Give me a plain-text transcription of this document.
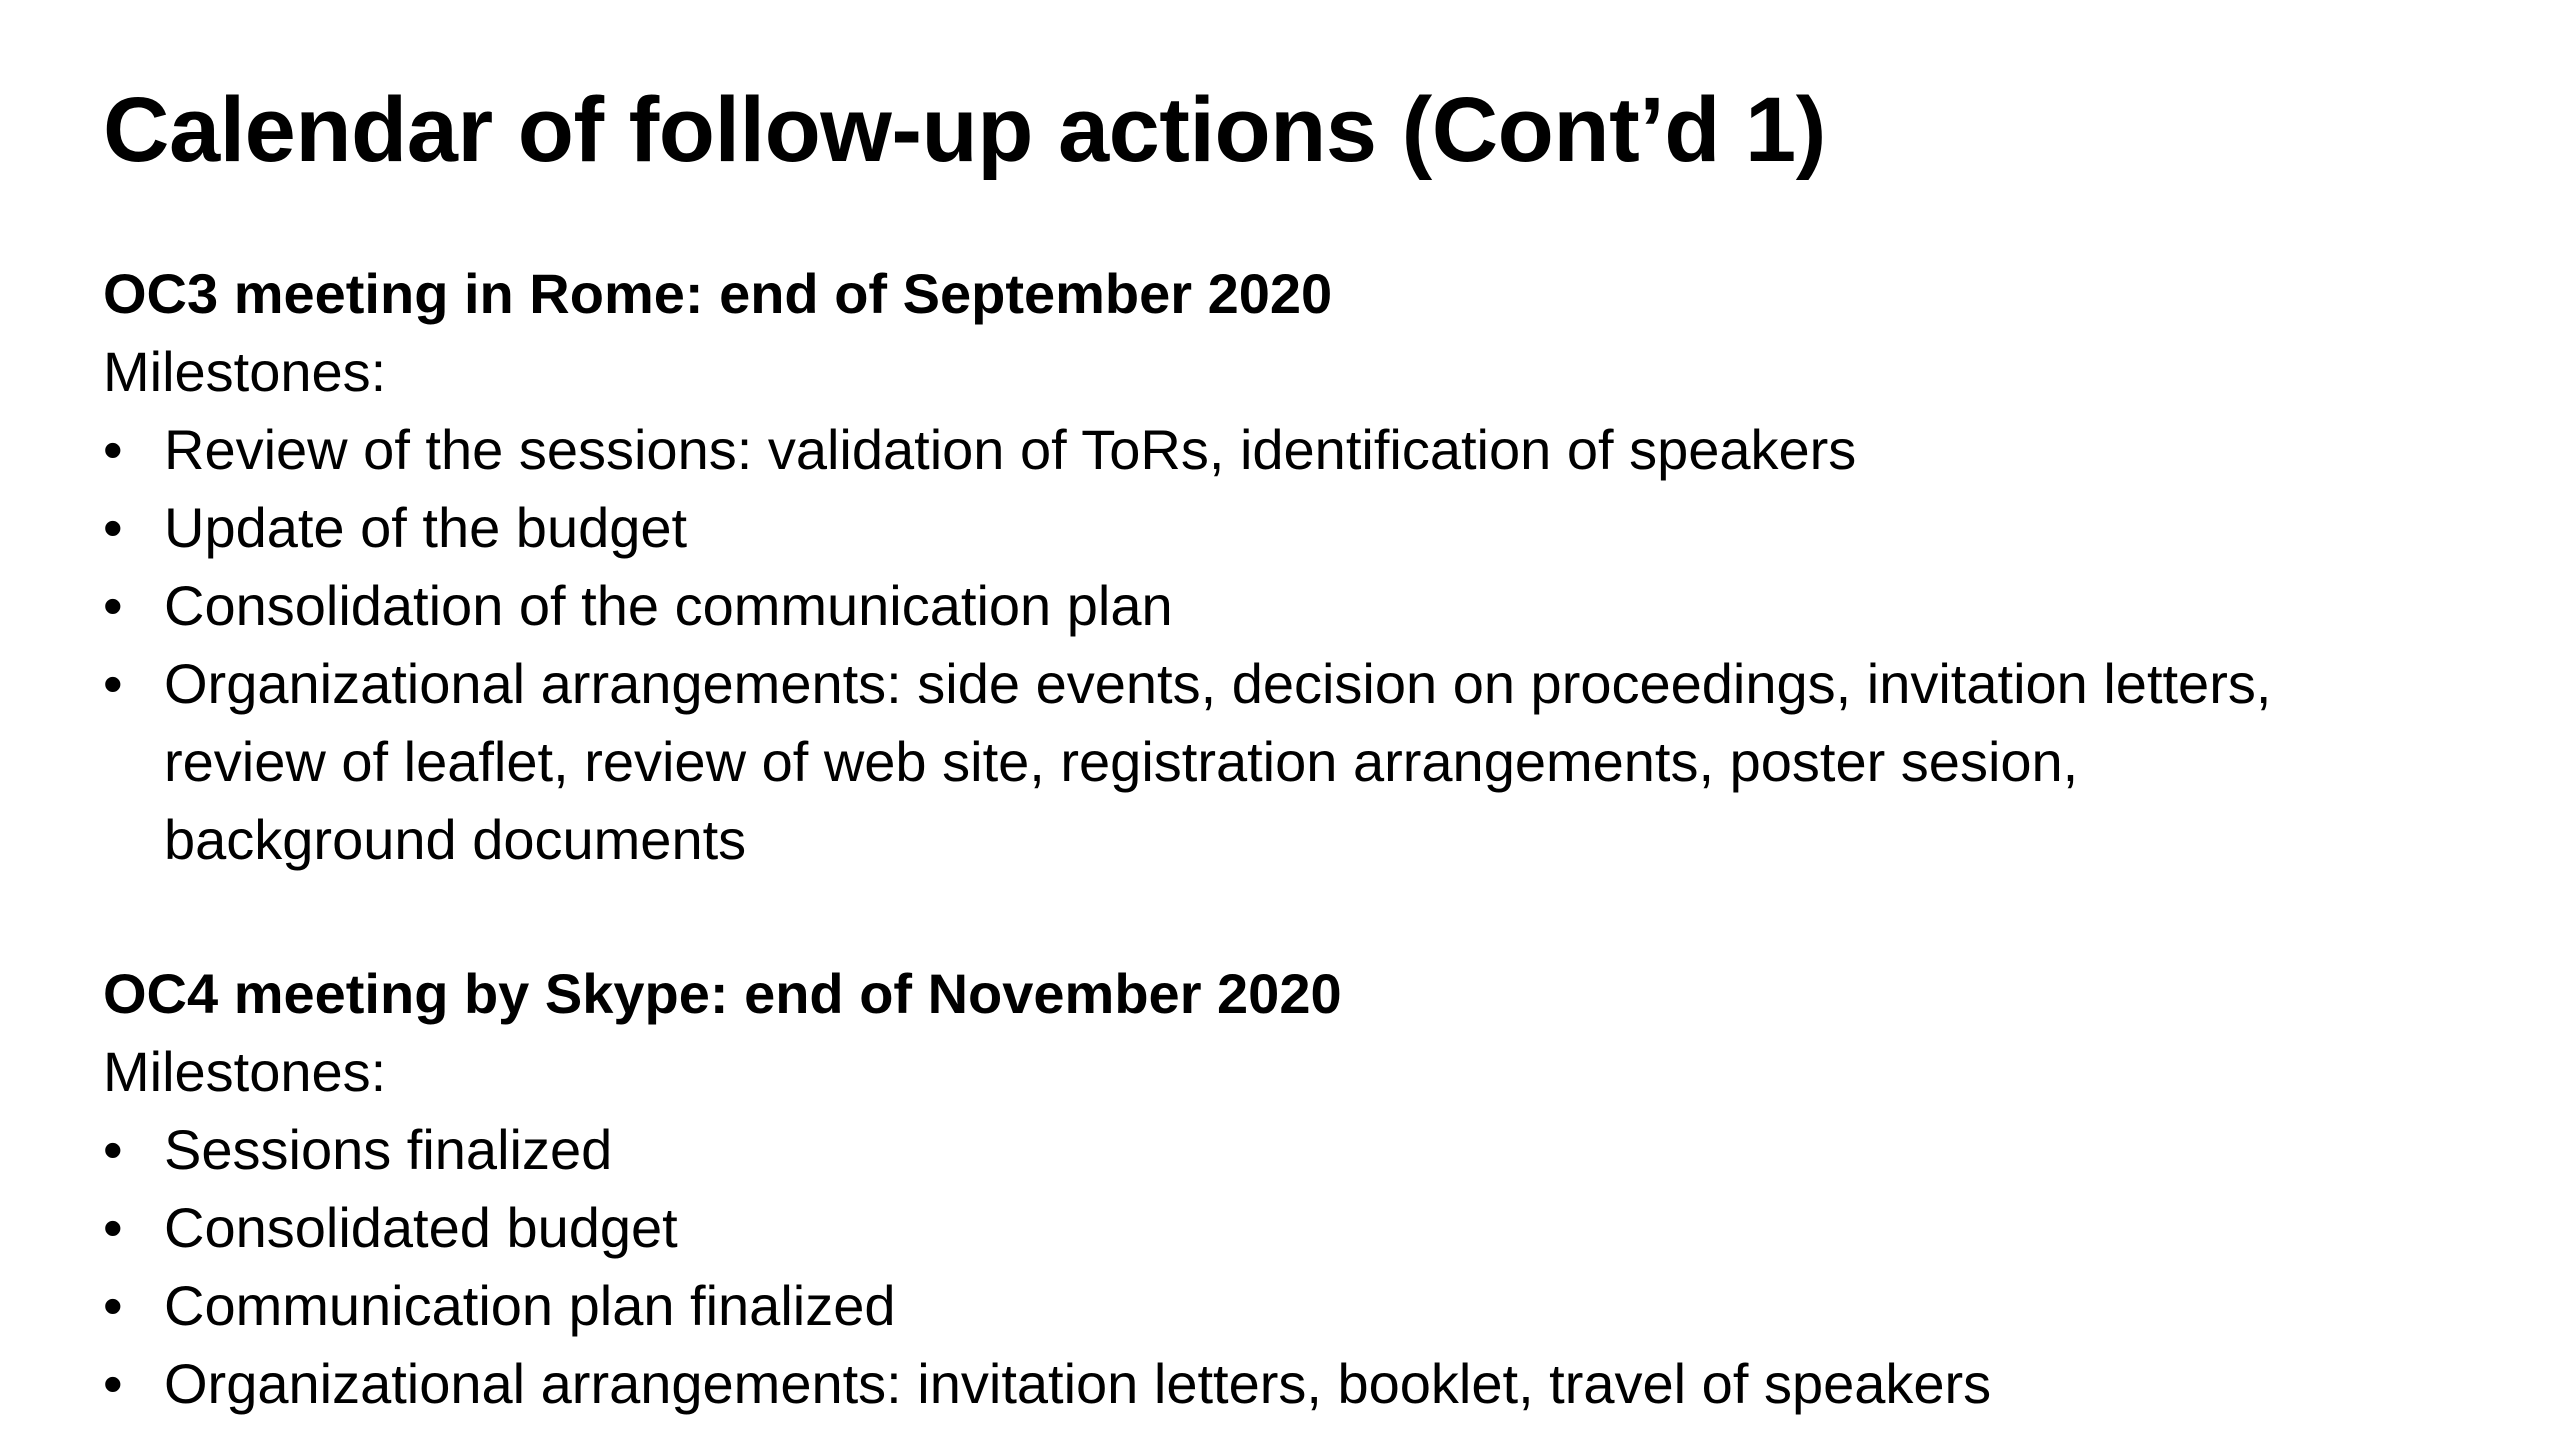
Calendar of follow-up actions (Cont’d 1)

OC3 meeting in Rome: end of September 2020

Milestones:

• Review of the sessions: validation of ToRs, identification of speakers
• Update of the budget
• Consolidation of the communication plan
• Organizational arrangements: side events, decision on proceedings, invitation letters,
review of leaflet, review of web site, registration arrangements, poster sesion,
background documents

OC4 meeting by Skype: end of November 2020

Milestones:

• Sessions finalized
• Consolidated budget
• Communication plan finalized
• Organizational arrangements: invitation letters, booklet, travel of speakers
